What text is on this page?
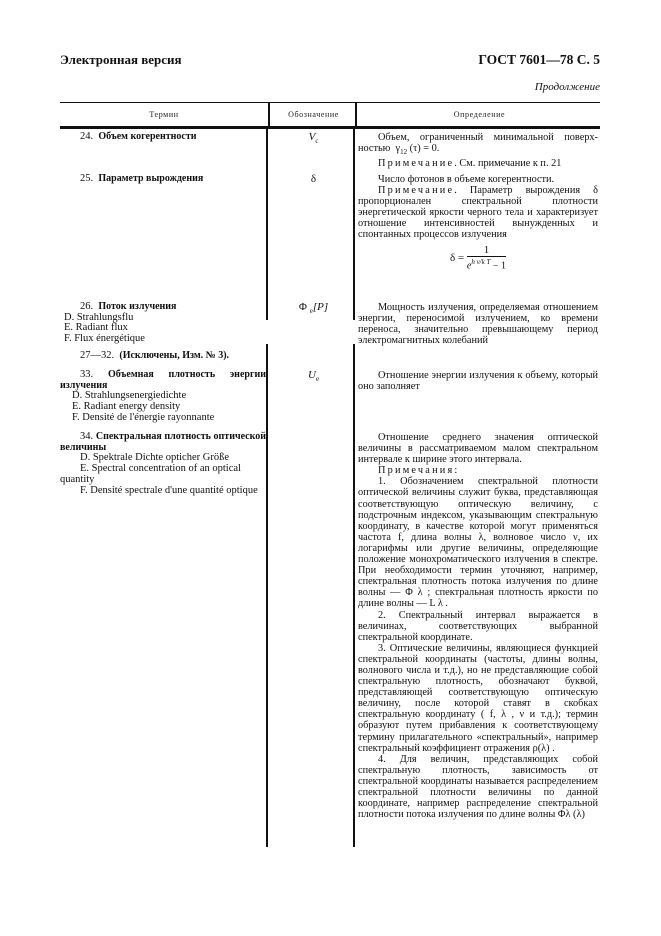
Электронная версия	ГОСТ 7601—78 С. 5
Продолжение
Термин	Обозначение	Определение
24. Объем когерентности	$V_c$	Объем, ограниченный минимальной поверх-ностью  $\gamma_{12}$ (τ) = 0.

Примечание. См. примечание к п. 21

25. Параметр вырождения	δ	Число фотонов в объеме когерентности.

Примечание. Параметр вырождения δ пропорционален спектральной плотности энергетической яркости черного тела и характеризует отношение интенсивностей вынужденных и спонтанных процессов излучения

$\delta = \frac{1}{e^{h \nu/k T} - 1}$
26. Поток излучения
D. Strahlungsflu
E. Radiant flux
F. Flux énergétique
Φ $_e$[P]	Мощность излучения, определяемая отношением энергии, переносимой излучением, ко времени переноса, значительно превышающему период электромагнитных колебаний

27—32. (Исключены, Изм. № 3).
33. Объемная плотность энергии излучения
D. Strahlungsenergiedichte
E. Radiant energy density
F. Densité de l'énergie rayonnante
$U_e$	Отношение энергии излучения к объему, который оно заполняет

34. Спектральная плотность оптической величины
D. Spektrale Dichte opticher Größe
E. Spectral concentration of an optical quantity
F. Densité spectrale d'une quantité optique

Отношение среднего значения оптической величины в рассматриваемом малом спектральном интервале к ширине этого интервала.

Примечания:

1. Обозначением спектральной плотности оптической величины служит буква, представляющая соответствующую оптическую величину, с подстрочным индексом, указывающим спектральную координату, в качестве которой могут применяться частота f, длина волны λ, волновое число ν, их логарифмы или другие величины, определяющие положение монохроматического излучения в спектре. При необходимости термин уточняют, например, спектральная плотность потока излучения по длине волны — Φ λ ; спектральная плотность яркости по длине волны — L λ .

2. Спектральный интервал выражается в величинах, соответствующих выбранной спектральной координате.

3. Оптические величины, являющиеся функцией спектральной координаты (частоты, длины волны, волнового числа и т.д.), но не представляющие собой спектральную плотность, обозначают буквой, представляющей соответствующую оптическую величину, после которой ставят в скобках спектральную координату ( f, λ , ν и т.д.); термин образуют путем прибавления к соответствующему термину прилагательного «спектральный», например спектральный коэффициент отражения ρ(λ) .

4. Для величин, представляющих собой спектральную плотность, зависимость от спектральной координаты называется распределением спектральной плотности величины по данной координате, например распределение спектральной плотности потока излучения по длине волны Φλ (λ)
